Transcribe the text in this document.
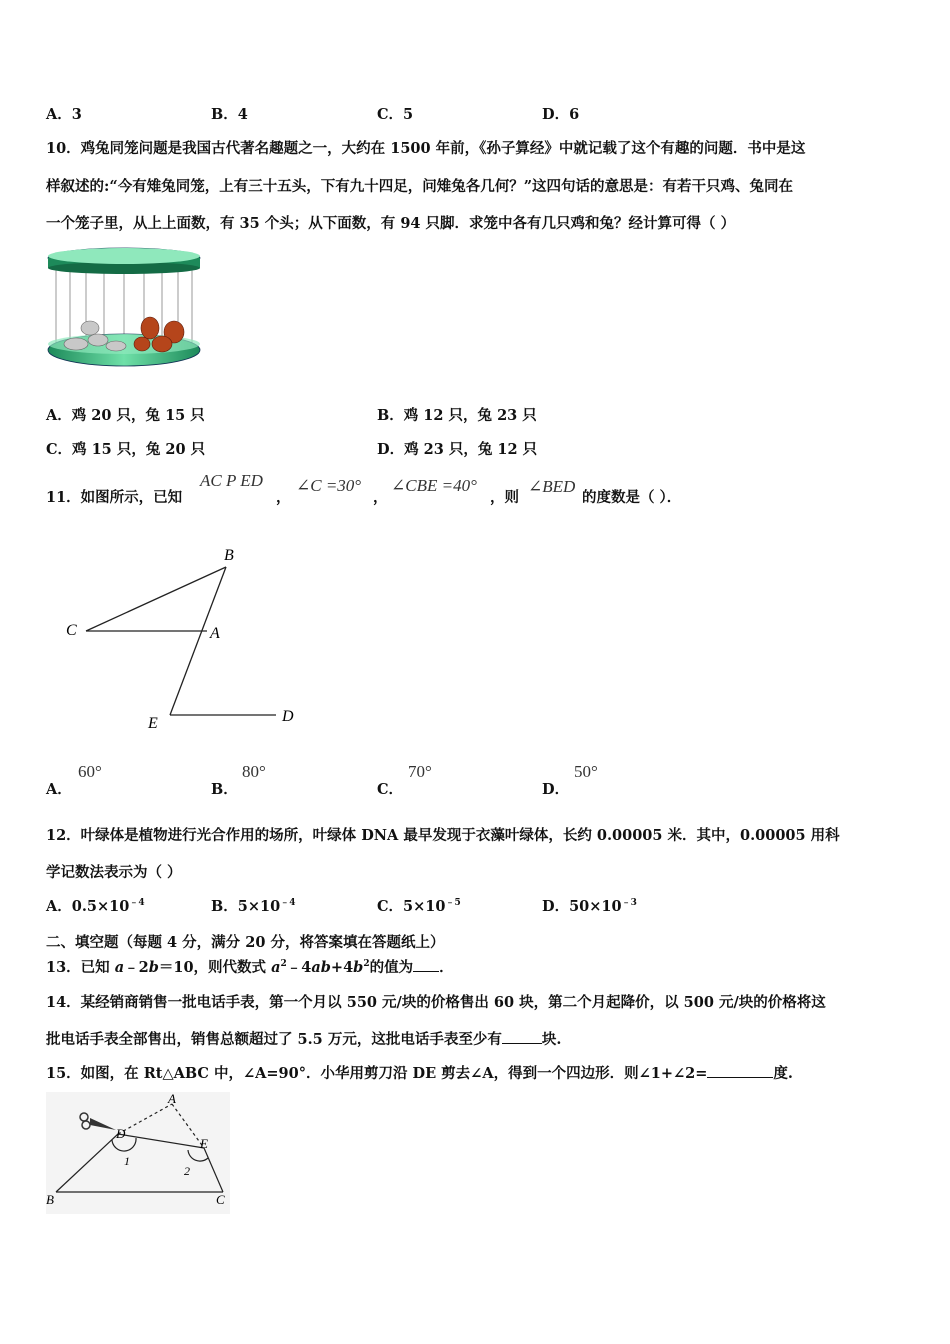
A．3	B．4	C．5	D．6
10．鸡兔同笼问题是我国古代著名趣题之一，大约在 1500 年前，《孙子算经》中就记载了这个有趣的问题．书中是这
样叙述的:“今有雉兔同笼，上有三十五头，下有九十四足，问雉兔各几何？”这四句话的意思是：有若干只鸡、兔同在
一个笼子里，从上上面数，有 35 个头；从下面数，有 94 只脚．求笼中各有几只鸡和兔？经计算可得（ ）
A．鸡 20 只，兔 15 只	B．鸡 12 只，兔 23 只
C．鸡 15 只，兔 20 只	D．鸡 23 只，兔 12 只
11．如图所示，已知
AC P ED
，
∠C =30°
，
∠CBE =40°
，则
∠BED
的度数是（ ）．
B
C	A
E	D
A．
60°
B．
80°
C．
70°
D．
50°
12．叶绿体是植物进行光合作用的场所，叶绿体 DNA 最早发现于衣藻叶绿体，长约 0.00005 米．其中，0.00005 用科
学记数法表示为（ ）
A．$0.5\times 10^{﹣4}$	B．$5\times 10^{﹣4}$	C．$5\times 10^{﹣5}$	D．$50\times 10^{﹣3}$
二、填空题（每题 4 分，满分 20 分，将答案填在答题纸上）
13．已知 a﹣2b＝10，则代数式 $a^2﹣4ab+4b^2$的值为 ．
14．某经销商销售一批电话手表，第一个月以 550 元/块的价格售出 60 块，第二个月起降价，以 500 元/块的价格将这
批电话手表全部售出，销售总额超过了 5.5 万元，这批电话手表至少有	块.
15．如图，在 Rt△ABC 中，∠A=90°．小华用剪刀沿 DE 剪去∠A，得到一个四边形．则∠1+∠2=	度.
A
D
E
B	C
1
2
